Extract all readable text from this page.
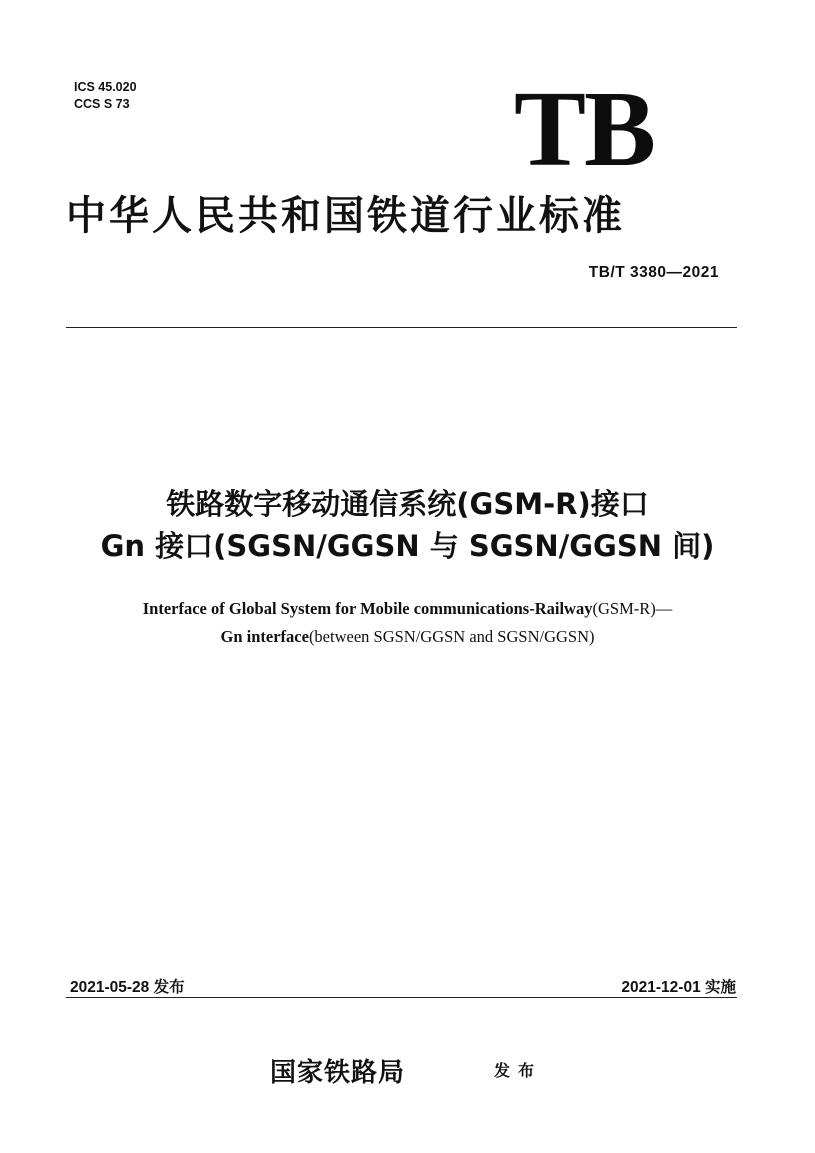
ICS 45.020
CCS S 73	TB
中华人民共和国铁道行业标准
TB/T 3380—2021
铁路数字移动通信系统(GSM-R)接口
Gn 接口(SGSN/GGSN 与 SGSN/GGSN 间)
Interface of Global System for Mobile communications-Railway(GSM-R)—
Gn interface(between SGSN/GGSN and SGSN/GGSN)
2021-05-28 发布	2021-12-01 实施
国家铁路局	发布
